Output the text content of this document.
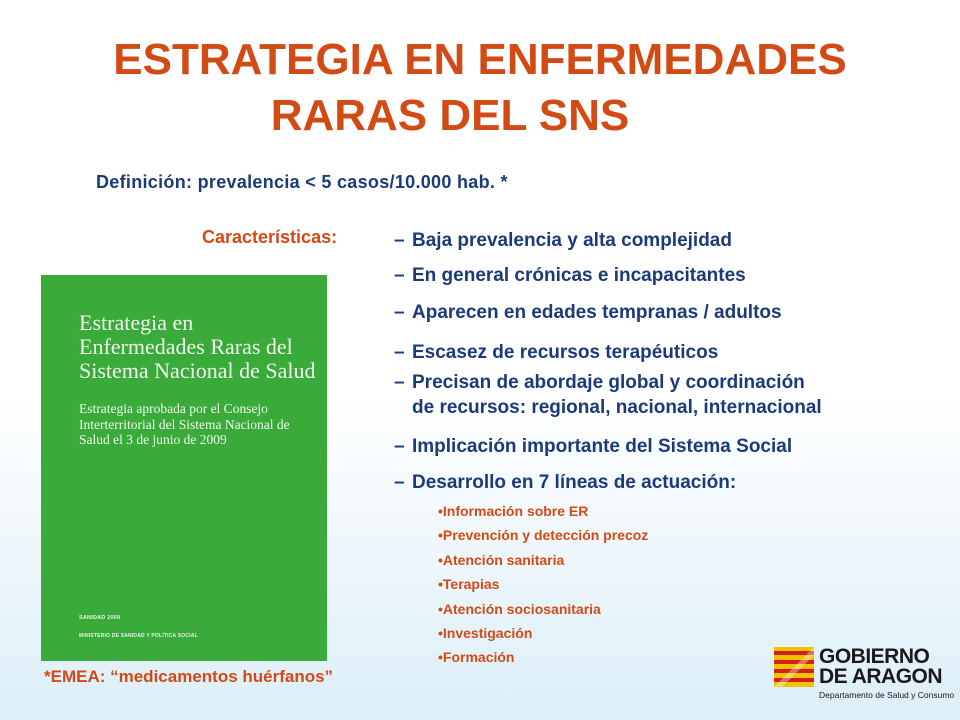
ESTRATEGIA EN ENFERMEDADES
RARAS DEL SNS
Definición: prevalencia < 5 casos/10.000 hab. *
Características:	– Baja prevalencia y alta complejidad
– En general crónicas e incapacitantes
– Aparecen en edades tempranas / adultos
– Escasez de recursos terapéuticos
– Precisan de abordaje global y coordinación
de recursos: regional, nacional, internacional
– Implicación importante del Sistema Social
– Desarrollo en 7 líneas de actuación:
•Información sobre ER
•Prevención y detección precoz
•Atención sanitaria
•Terapias
•Atención sociosanitaria
•Investigación
•Formación
Estrategia en Enfermedades Raras del Sistema Nacional de Salud
Estrategia aprobada por el Consejo Interterritorial del Sistema Nacional de Salud el 3 de junio de 2009
SANIDAD 2009
MINISTERIO DE SANIDAD Y POLÍTICA SOCIAL
*EMEA: “medicamentos huérfanos”
GOBIERNO
DE ARAGON
Departamento de Salud y Consumo
